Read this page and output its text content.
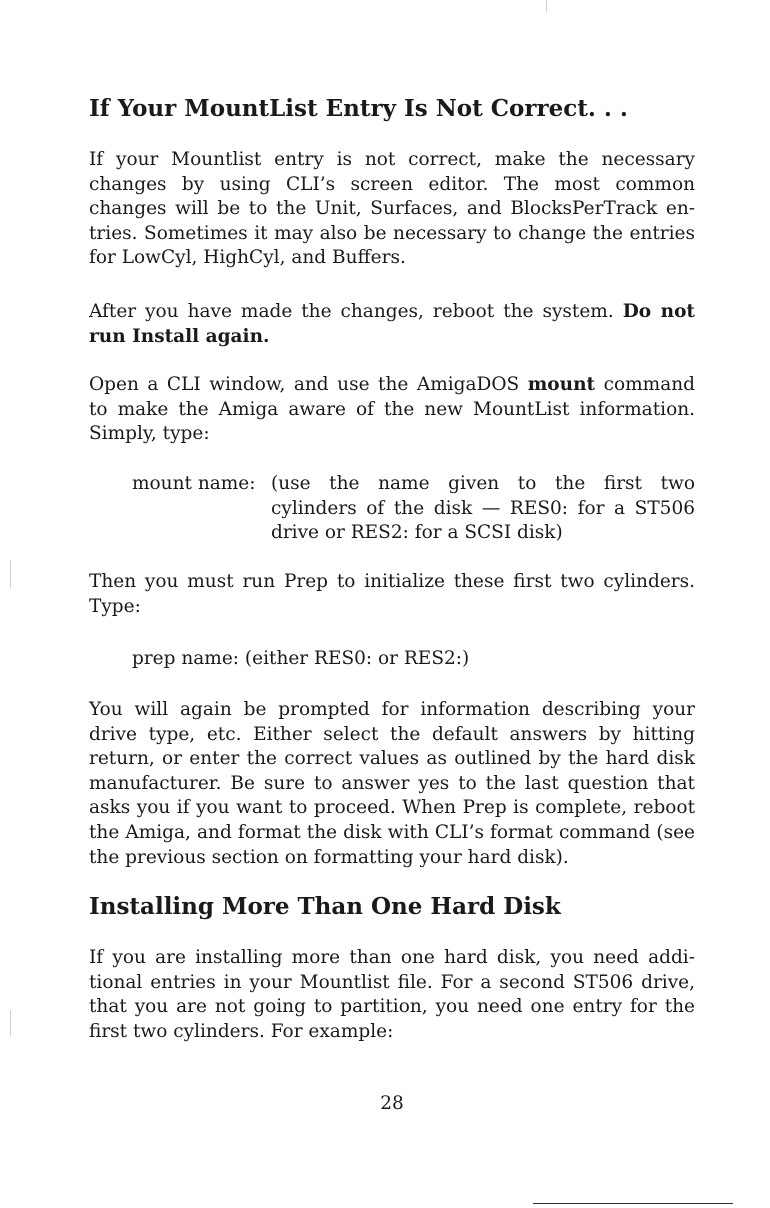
If Your MountList Entry Is Not Correct. . .
If your Mountlist entry is not correct, make the necessary changes by using CLI’s screen editor. The most common changes will be to the Unit, Surfaces, and BlocksPerTrack entries. Sometimes it may also be necessary to change the entries for LowCyl, HighCyl, and Buffers.
After you have made the changes, reboot the system. Do not run Install again.
Open a CLI window, and use the AmigaDOS mount command to make the Amiga aware of the new MountList information. Simply, type:
mount name: (use the name given to the first two cylinders of the disk — RES0: for a ST506 drive or RES2: for a SCSI disk)
Then you must run Prep to initialize these first two cylinders. Type:
prep name: (either RES0: or RES2:)
You will again be prompted for information describing your drive type, etc. Either select the default answers by hitting return, or enter the correct values as outlined by the hard disk manufacturer. Be sure to answer yes to the last question that asks you if you want to proceed. When Prep is complete, reboot the Amiga, and format the disk with CLI’s format command (see the previous section on formatting your hard disk).
Installing More Than One Hard Disk
If you are installing more than one hard disk, you need additional entries in your Mountlist file. For a second ST506 drive, that you are not going to partition, you need one entry for the first two cylinders. For example:
28
